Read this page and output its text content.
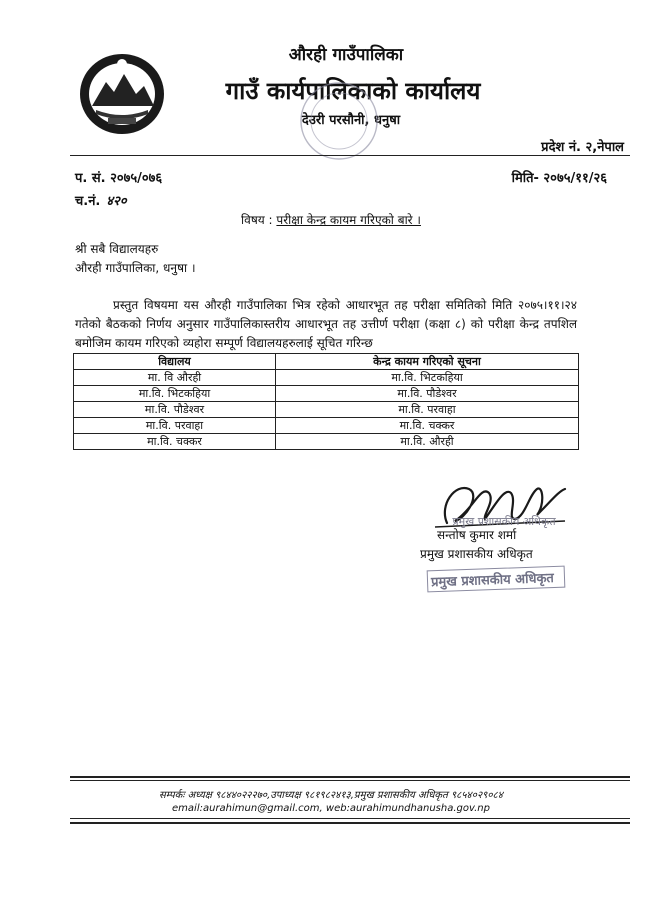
औरही गाउँपालिका
गाउँ कार्यपालिकाको कार्यालय
देउरी परसौनी, धनुषा
प्रदेश नं. २,नेपाल
प. सं. २०७५/०७६	मिति- २०७५/११/२६
च.नं. ४२०
विषय : परीक्षा केन्द्र कायम गरिएको बारे ।
श्री सबै विद्यालयहरु
औरही गाउँपालिका, धनुषा ।
प्रस्तुत विषयमा यस औरही गाउँपालिका भित्र रहेको आधारभूत तह परीक्षा समितिको मिति २०७५।११।२४ गतेको बैठकको निर्णय अनुसार गाउँपालिकास्तरीय आधारभूत तह उत्तीर्ण परीक्षा (कक्षा ८) को परीक्षा केन्द्र तपशिल बमोजिम कायम गरिएको व्यहोरा सम्पूर्ण विद्यालयहरुलाई सूचित गरिन्छ
विद्यालय	केन्द्र कायम गरिएको सूचना
मा. वि औरही	मा.वि. भिटकहिया
मा.वि. भिटकहिया	मा.वि. पौडेश्वर
मा.वि. पौडेश्वर	मा.वि. परवाहा
मा.वि. परवाहा	मा.वि. चक्कर
मा.वि. चक्कर	मा.वि. औरही
प्रमुख प्रशासकीय अधिकृत
सन्तोष कुमार शर्मा
प्रमुख प्रशासकीय अधिकृत
प्रमुख प्रशासकीय अधिकृत
सम्पर्कः अध्यक्ष ९८४४०२२२७०,उपाध्यक्ष ९८१९८२४१३,प्रमुख प्रशासकीय अधिकृत ९८५४०२९०८४
email:aurahimun@gmail.com, web:aurahimundhanusha.gov.np
